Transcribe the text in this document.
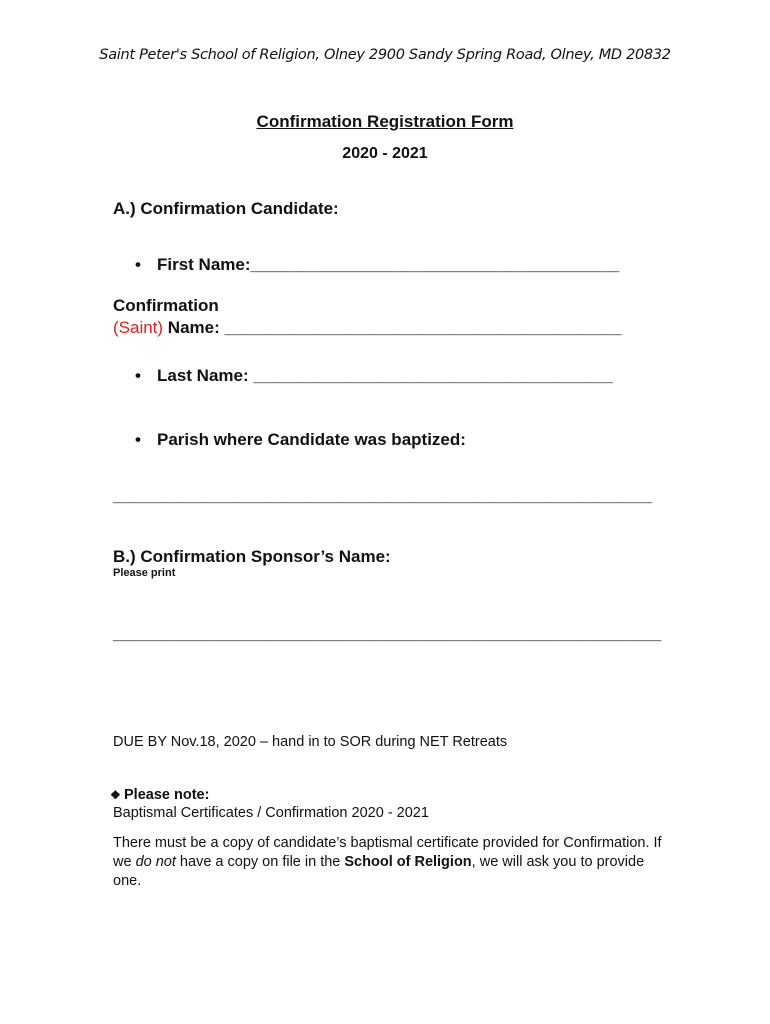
Saint Peter's School of Religion, Olney 2900 Sandy Spring Road, Olney, MD 20832
Confirmation Registration Form
2020 - 2021
A.) Confirmation Candidate:
• First Name:_______________________________________
Confirmation
(Saint) Name: __________________________________________
• Last Name: ______________________________________
• Parish where Candidate was baptized:
_________________________________________________________
B.) Confirmation Sponsor’s Name:
Please print
__________________________________________________________
DUE BY Nov.18, 2020 – hand in to SOR during NET Retreats
❖ Please note:
Baptismal Certificates / Confirmation 2020 - 2021
There must be a copy of candidate’s baptismal certificate provided for Confirmation. If we do not have a copy on file in the School of Religion, we will ask you to provide one.
